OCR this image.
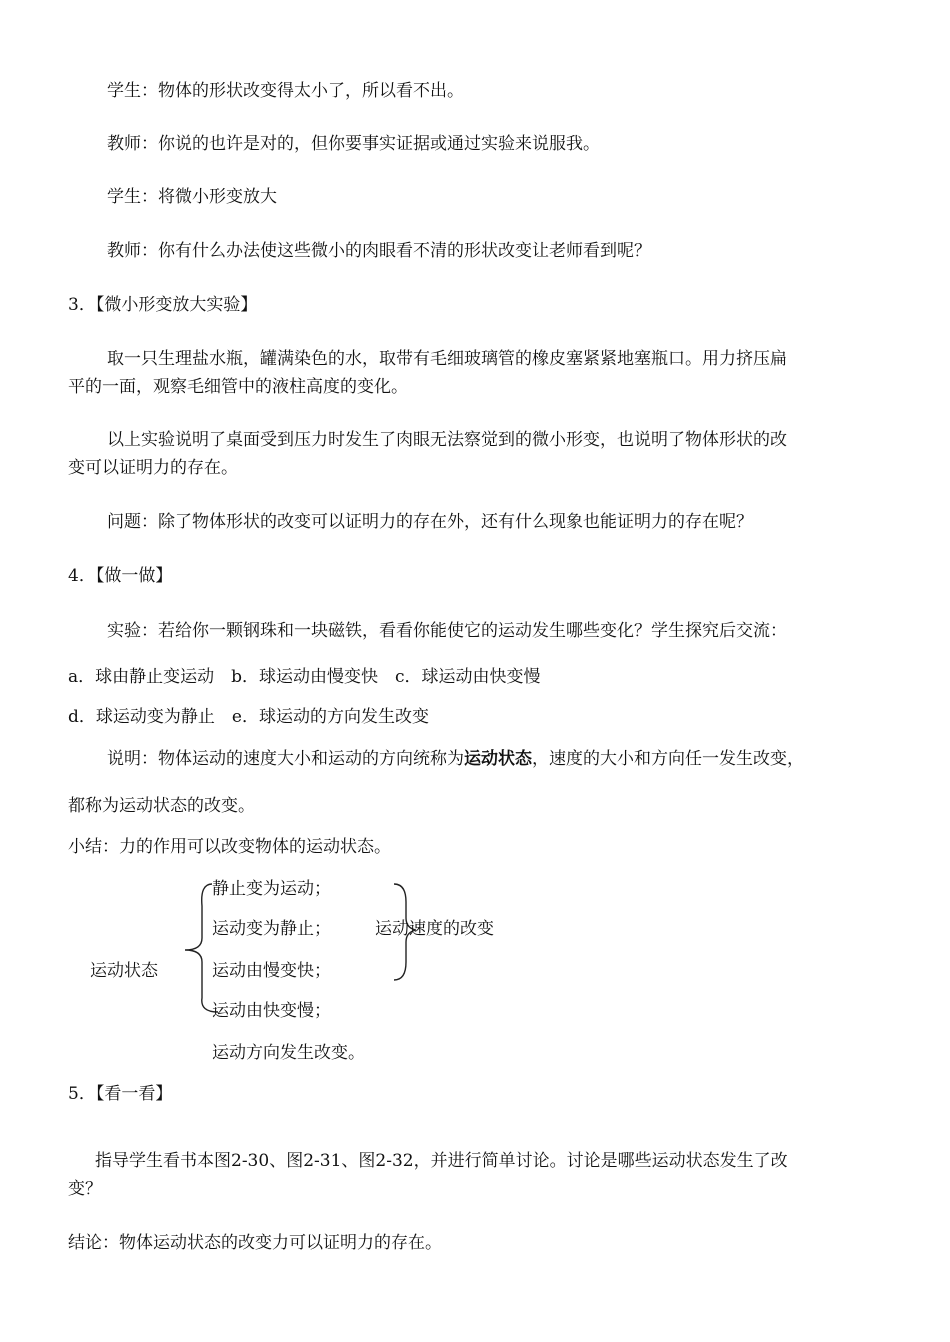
学生：物体的形状改变得太小了，所以看不出。
教师：你说的也许是对的，但你要事实证据或通过实验来说服我。
学生：将微小形变放大
教师：你有什么办法使这些微小的肉眼看不清的形状改变让老师看到呢？
3．【微小形变放大实验】
取一只生理盐水瓶，罐满染色的水，取带有毛细玻璃管的橡皮塞紧紧地塞瓶口。用力挤压扁
平的一面，观察毛细管中的液柱高度的变化。
以上实验说明了桌面受到压力时发生了肉眼无法察觉到的微小形变，也说明了物体形状的改
变可以证明力的存在。
问题：除了物体形状的改变可以证明力的存在外，还有什么现象也能证明力的存在呢？
4．【做一做】
实验：若给你一颗钢珠和一块磁铁，看看你能使它的运动发生哪些变化？学生探究后交流：
a．球由静止变运动　b．球运动由慢变快　c．球运动由快变慢
d．球运动变为静止　e．球运动的方向发生改变
说明：物体运动的速度大小和运动的方向统称为运动状态，速度的大小和方向任一发生改变，
都称为运动状态的改变。
小结：力的作用可以改变物体的运动状态。
运动状态
静止变为运动；
运动变为静止；
运动由慢变快；
运动由快变慢；
运动方向发生改变。
运动速度的改变
5．【看一看】
指导学生看书本图2-30、图2-31、图2-32，并进行简单讨论。讨论是哪些运动状态发生了改
变？
结论：物体运动状态的改变力可以证明力的存在。
